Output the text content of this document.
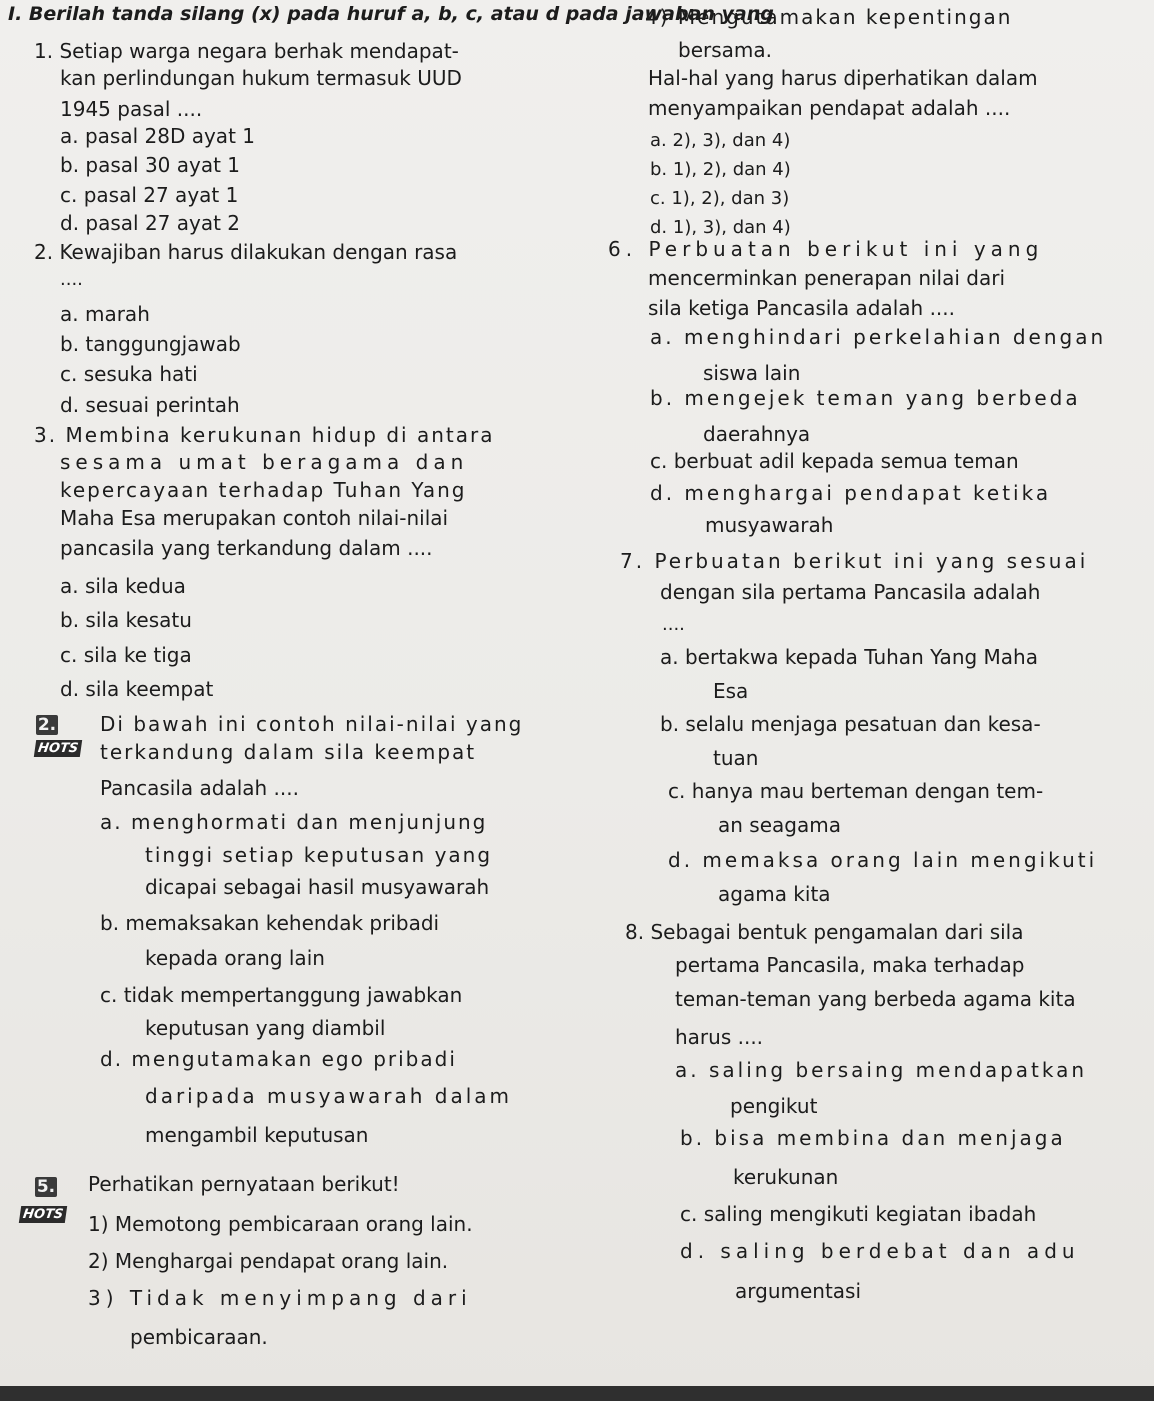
I. Berilah tanda silang (x) pada huruf a, b, c, atau d pada jawaban yang
1. Setiap warga negara berhak mendapat-
kan perlindungan hukum termasuk UUD
1945 pasal ....
a. pasal 28D ayat 1
b. pasal 30 ayat 1
c. pasal 27 ayat 1
d. pasal 27 ayat 2
2. Kewajiban harus dilakukan dengan rasa
....
a. marah
b. tanggungjawab
c. sesuka hati
d. sesuai perintah
3. Membina kerukunan hidup di antara
sesama umat beragama dan
kepercayaan terhadap Tuhan Yang
Maha Esa merupakan contoh nilai-nilai
pancasila yang terkandung dalam ....
a. sila kedua
b. sila kesatu
c. sila ke tiga
d. sila keempat
2.
HOTS
Di bawah ini contoh nilai-nilai yang
terkandung dalam sila keempat
Pancasila adalah ....
a. menghormati dan menjunjung
tinggi setiap keputusan yang
dicapai sebagai hasil musyawarah
b. memaksakan kehendak pribadi
kepada orang lain
c. tidak mempertanggung jawabkan
keputusan yang diambil
d. mengutamakan ego pribadi
daripada musyawarah dalam
mengambil keputusan
5.
HOTS
Perhatikan pernyataan berikut!
1) Memotong pembicaraan orang lain.
2) Menghargai pendapat orang lain.
3) Tidak menyimpang dari
pembicaraan.
4) Mengutamakan kepentingan
bersama.
Hal-hal yang harus diperhatikan dalam
menyampaikan pendapat adalah ....
a. 2), 3), dan 4)
b. 1), 2), dan 4)
c. 1), 2), dan 3)
d. 1), 3), dan 4)
6. Perbuatan berikut ini yang
mencerminkan penerapan nilai dari
sila ketiga Pancasila adalah ....
a. menghindari perkelahian dengan
siswa lain
b. mengejek teman yang berbeda
daerahnya
c. berbuat adil kepada semua teman
d. menghargai pendapat ketika
musyawarah
7. Perbuatan berikut ini yang sesuai
dengan sila pertama Pancasila adalah
....
a. bertakwa kepada Tuhan Yang Maha
Esa
b. selalu menjaga pesatuan dan kesa-
tuan
c. hanya mau berteman dengan tem-
an seagama
d. memaksa orang lain mengikuti
agama kita
8. Sebagai bentuk pengamalan dari sila
pertama Pancasila, maka terhadap
teman-teman yang berbeda agama kita
harus ....
a. saling bersaing mendapatkan
pengikut
b. bisa membina dan menjaga
kerukunan
c. saling mengikuti kegiatan ibadah
d. saling berdebat dan adu
argumentasi
